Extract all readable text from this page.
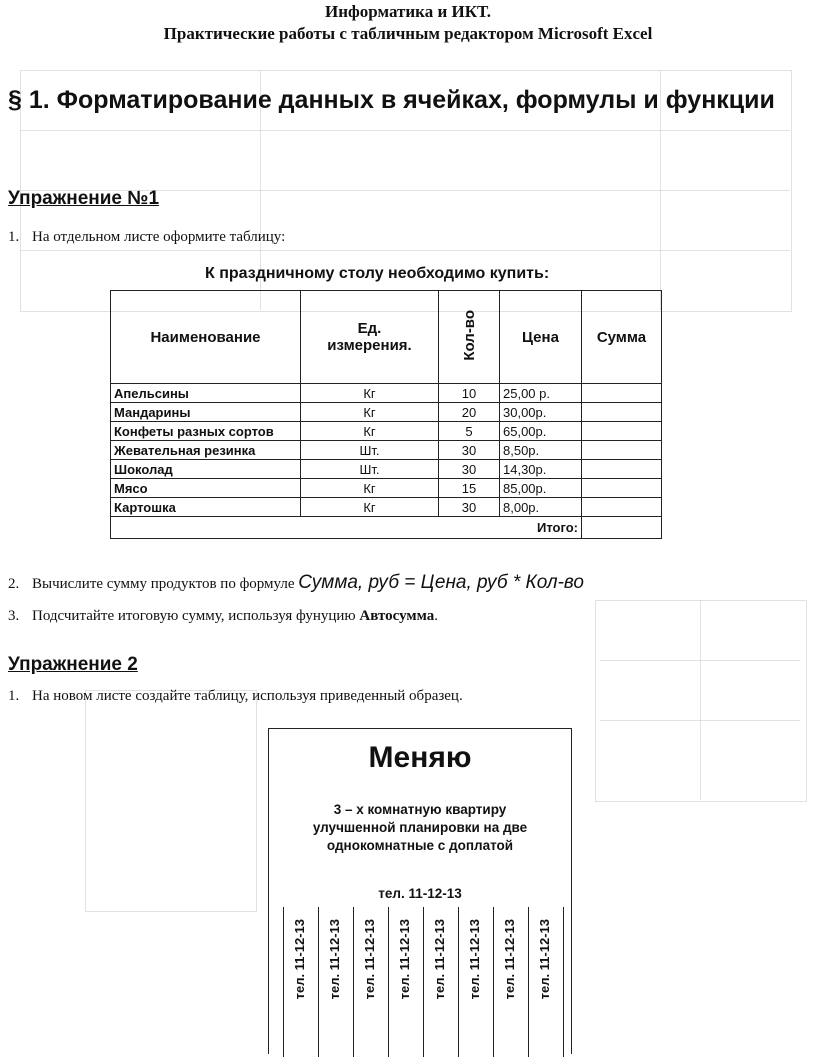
Информатика и ИКТ.
Практические работы с табличным редактором Microsoft Excel
§ 1. Форматирование данных в ячейках, формулы и функции
Упражнение №1
1. На отдельном листе оформите таблицу:
К праздничному столу необходимо купить:
Наименование	Ед. измерения.	Кол-во	Цена	Сумма
Апельсины	Кг	10	25,00 р.	
Мандарины	Кг	20	30,00р.	
Конфеты разных сортов	Кг	5	65,00р.	
Жевательная резинка	Шт.	30	8,50р.	
Шоколад	Шт.	30	14,30р.	
Мясо	Кг	15	85,00р.	
Картошка	Кг	30	8,00р.	
Итого:				
2. Вычислите сумму продуктов по формуле Сумма, руб = Цена, руб * Кол-во
3. Подсчитайте итоговую сумму, используя фунуцию Автосумма.
Упражнение 2
1. На новом листе создайте таблицу, используя приведенный образец.
Меняю
3 – х комнатную квартиру
улучшенной планировки на две
однокомнатные с доплатой
тел. 11-12-13
тел. 11-12-13 тел. 11-12-13 тел. 11-12-13 тел. 11-12-13 тел. 11-12-13 тел. 11-12-13 тел. 11-12-13 тел. 11-12-13
